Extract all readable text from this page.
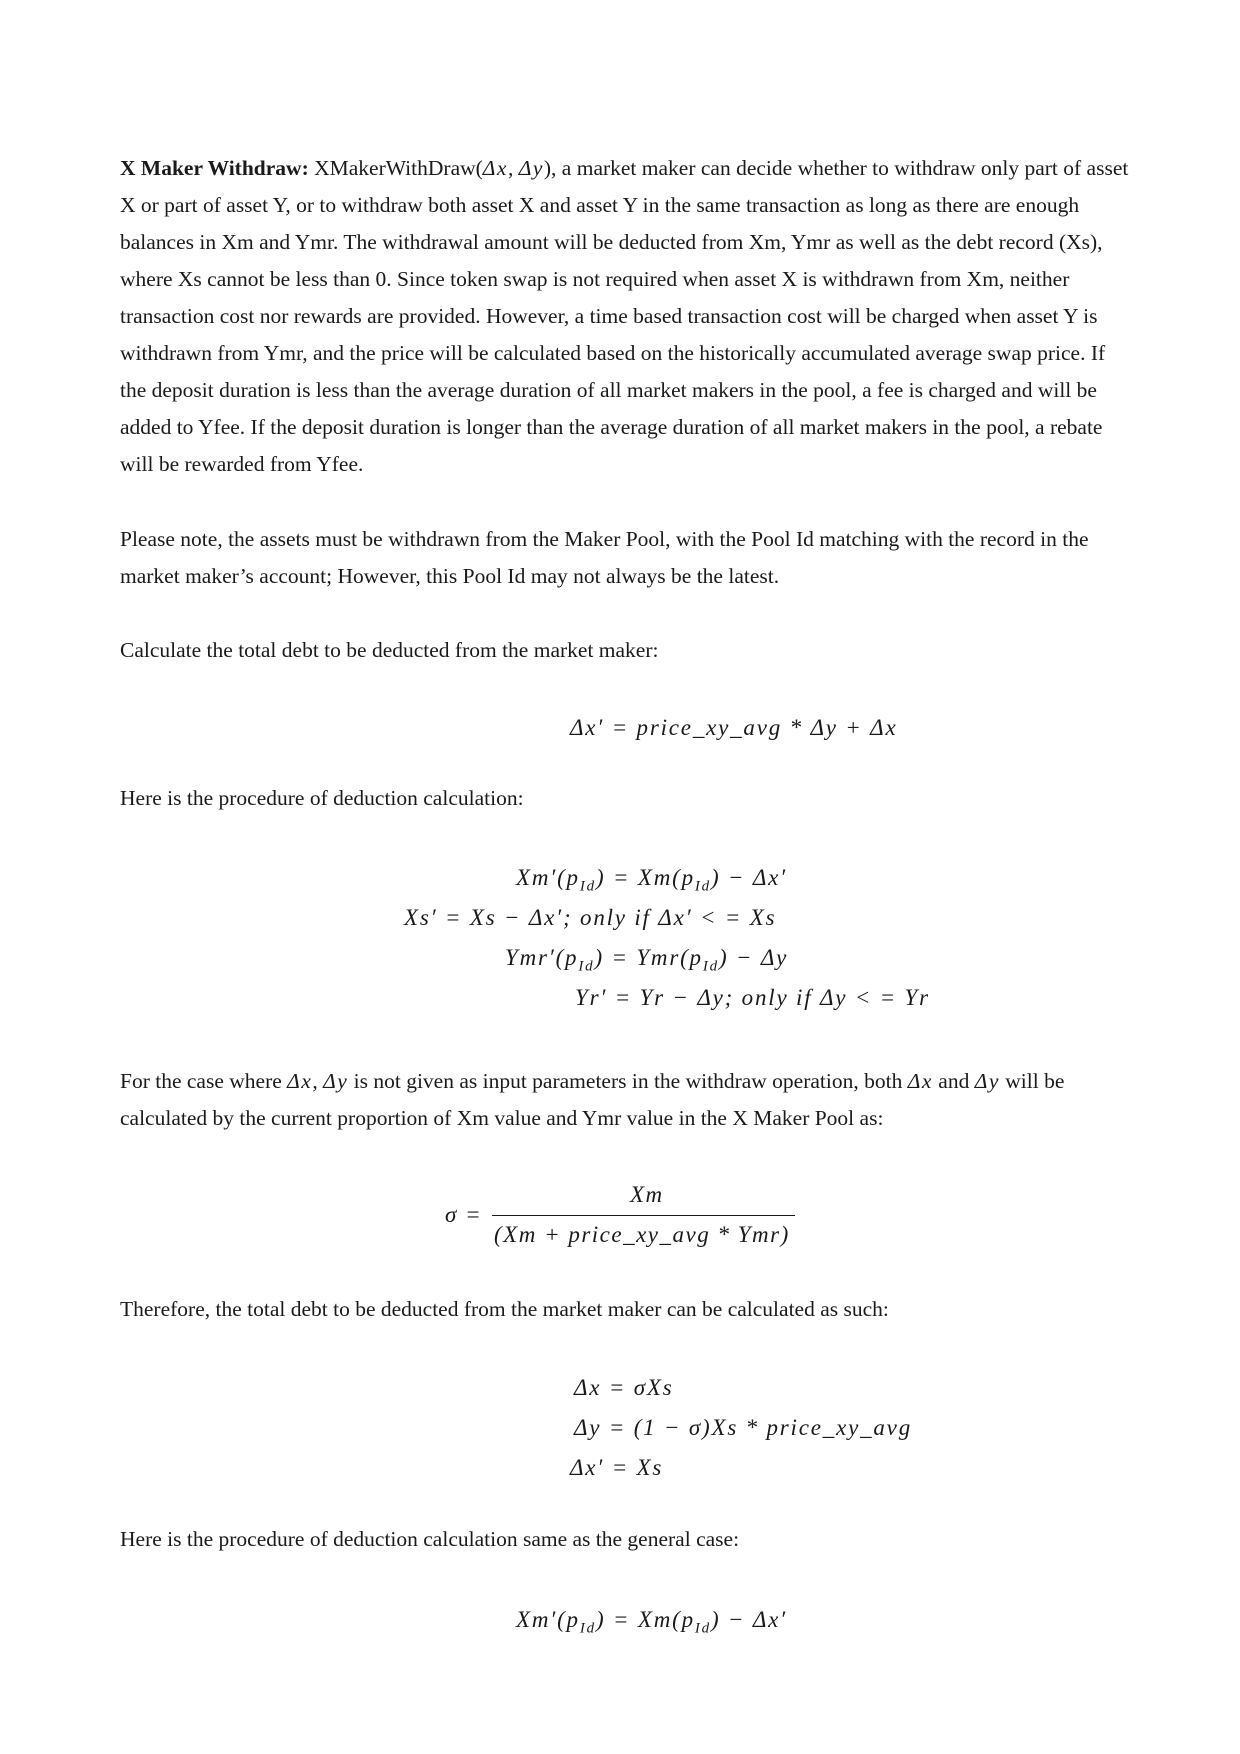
X Maker Withdraw: XMakerWithDraw(Δx, Δy), a market maker can decide whether to withdraw only part of asset X or part of asset Y, or to withdraw both asset X and asset Y in the same transaction as long as there are enough balances in Xm and Ymr. The withdrawal amount will be deducted from Xm, Ymr as well as the debt record (Xs), where Xs cannot be less than 0. Since token swap is not required when asset X is withdrawn from Xm, neither transaction cost nor rewards are provided. However, a time based transaction cost will be charged when asset Y is withdrawn from Ymr, and the price will be calculated based on the historically accumulated average swap price. If the deposit duration is less than the average duration of all market makers in the pool, a fee is charged and will be added to Yfee. If the deposit duration is longer than the average duration of all market makers in the pool, a rebate will be rewarded from Yfee.

Please note, the assets must be withdrawn from the Maker Pool, with the Pool Id matching with the record in the market maker’s account; However, this Pool Id may not always be the latest.

Calculate the total debt to be deducted from the market maker:

Δx′ = price_xy_avg * Δy + Δx

Here is the procedure of deduction calculation:

$Xm'(p_{Id}) = Xm(p_{Id}) - \Delta x'$
Xs′ = Xs − Δx′; only if Δx′ < = Xs
$Ymr'(p_{Id}) = Ymr(p_{Id}) - \Delta y$
Yr′ = Yr − Δy; only if Δy < = Yr

For the case where Δx, Δy is not given as input parameters in the withdraw operation, both Δx and Δy will be calculated by the current proportion of Xm value and Ymr value in the X Maker Pool as:

σ =
Xm
(Xm + price_xy_avg * Ymr)

Therefore, the total debt to be deducted from the market maker can be calculated as such:

Δx = σXs
Δy = (1 − σ)Xs * price_xy_avg
Δx′ = Xs

Here is the procedure of deduction calculation same as the general case:

$Xm'(p_{Id}) = Xm(p_{Id}) - \Delta x'$
